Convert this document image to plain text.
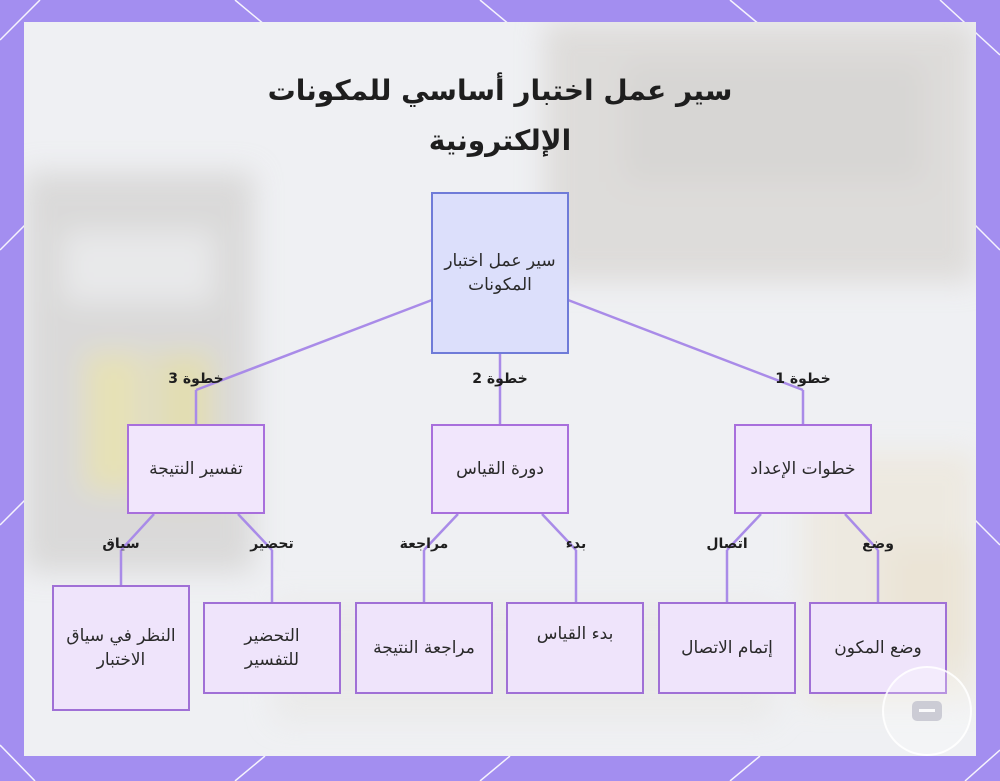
سير عمل اختبار أساسي للمكونات الإلكترونية
سير عمل اختبار المكونات
خطوة 1
خطوة 2
خطوة 3
خطوات الإعداد
دورة القياس
تفسير النتيجة
وضع
اتصال
بدء
مراجعة
تحضير
سياق
وضع المكون
إتمام الاتصال
بدء القياس
مراجعة النتيجة
التحضير للتفسير
النظر في سياق الاختبار
